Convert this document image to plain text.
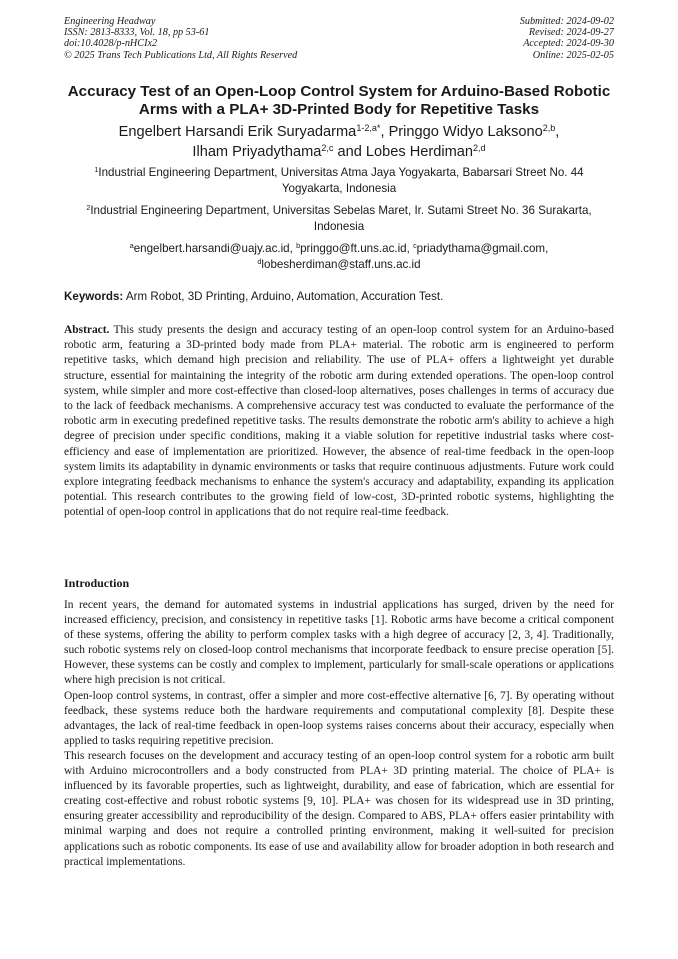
Engineering Headway
ISSN: 2813-8333, Vol. 18, pp 53-61
doi:10.4028/p-nHCIx2
© 2025 Trans Tech Publications Ltd, All Rights Reserved
Submitted: 2024-09-02
Revised: 2024-09-27
Accepted: 2024-09-30
Online: 2025-02-05
Accuracy Test of an Open-Loop Control System for Arduino-Based Robotic Arms with a PLA+ 3D-Printed Body for Repetitive Tasks
Engelbert Harsandi Erik Suryadarma$^{1-2,a*}$, Pringgo Widyo Laksono$^{2,b}$,
Ilham Priyadythama$^{2,c}$ and Lobes Herdiman$^{2,d}$
$^1$Industrial Engineering Department, Universitas Atma Jaya Yogyakarta, Babarsari Street No. 44 Yogyakarta, Indonesia
$^2$Industrial Engineering Department, Universitas Sebelas Maret, Ir. Sutami Street No. 36 Surakarta, Indonesia
$^a$engelbert.harsandi@uajy.ac.id, $^b$pringgo@ft.uns.ac.id, $^c$priadythama@gmail.com,
$^d$lobesherdiman@staff.uns.ac.id
Keywords: Arm Robot, 3D Printing, Arduino, Automation, Accuration Test.
Abstract. This study presents the design and accuracy testing of an open-loop control system for an Arduino-based robotic arm, featuring a 3D-printed body made from PLA+ material. The robotic arm is engineered to perform repetitive tasks, which demand high precision and reliability. The use of PLA+ offers a lightweight yet durable structure, essential for maintaining the integrity of the robotic arm during extended operations. The open-loop control system, while simpler and more cost-effective than closed-loop alternatives, poses challenges in terms of accuracy due to the lack of feedback mechanisms. A comprehensive accuracy test was conducted to evaluate the performance of the robotic arm in executing predefined repetitive tasks. The results demonstrate the robotic arm's ability to achieve a high degree of precision under specific conditions, making it a viable solution for repetitive industrial tasks where cost-efficiency and ease of implementation are prioritized. However, the absence of real-time feedback in the open-loop system limits its adaptability in dynamic environments or tasks that require continuous adjustments. Future work could explore integrating feedback mechanisms to enhance the system's accuracy and adaptability, expanding its application potential. This research contributes to the growing field of low-cost, 3D-printed robotic systems, highlighting the potential of open-loop control in applications that do not require real-time feedback.
Introduction

In recent years, the demand for automated systems in industrial applications has surged, driven by the need for increased efficiency, precision, and consistency in repetitive tasks [1]. Robotic arms have become a critical component of these systems, offering the ability to perform complex tasks with a high degree of accuracy [2, 3, 4]. Traditionally, such robotic systems rely on closed-loop control mechanisms that incorporate feedback to ensure precise operation [5]. However, these systems can be costly and complex to implement, particularly for small-scale operations or applications where high precision is not critical.

Open-loop control systems, in contrast, offer a simpler and more cost-effective alternative [6, 7]. By operating without feedback, these systems reduce both the hardware requirements and computational complexity [8]. Despite these advantages, the lack of real-time feedback in open-loop systems raises concerns about their accuracy, especially when applied to tasks requiring repetitive precision.

This research focuses on the development and accuracy testing of an open-loop control system for a robotic arm built with Arduino microcontrollers and a body constructed from PLA+ 3D printing material. The choice of PLA+ is influenced by its favorable properties, such as lightweight, durability, and ease of fabrication, which are essential for creating cost-effective and robust robotic systems [9, 10]. PLA+ was chosen for its widespread use in 3D printing, ensuring greater accessibility and reproducibility of the design. Compared to ABS, PLA+ offers easier printability with minimal warping and does not require a controlled printing environment, making it well-suited for precision applications such as robotic components. Its ease of use and availability allow for broader adoption in both research and practical implementations.
